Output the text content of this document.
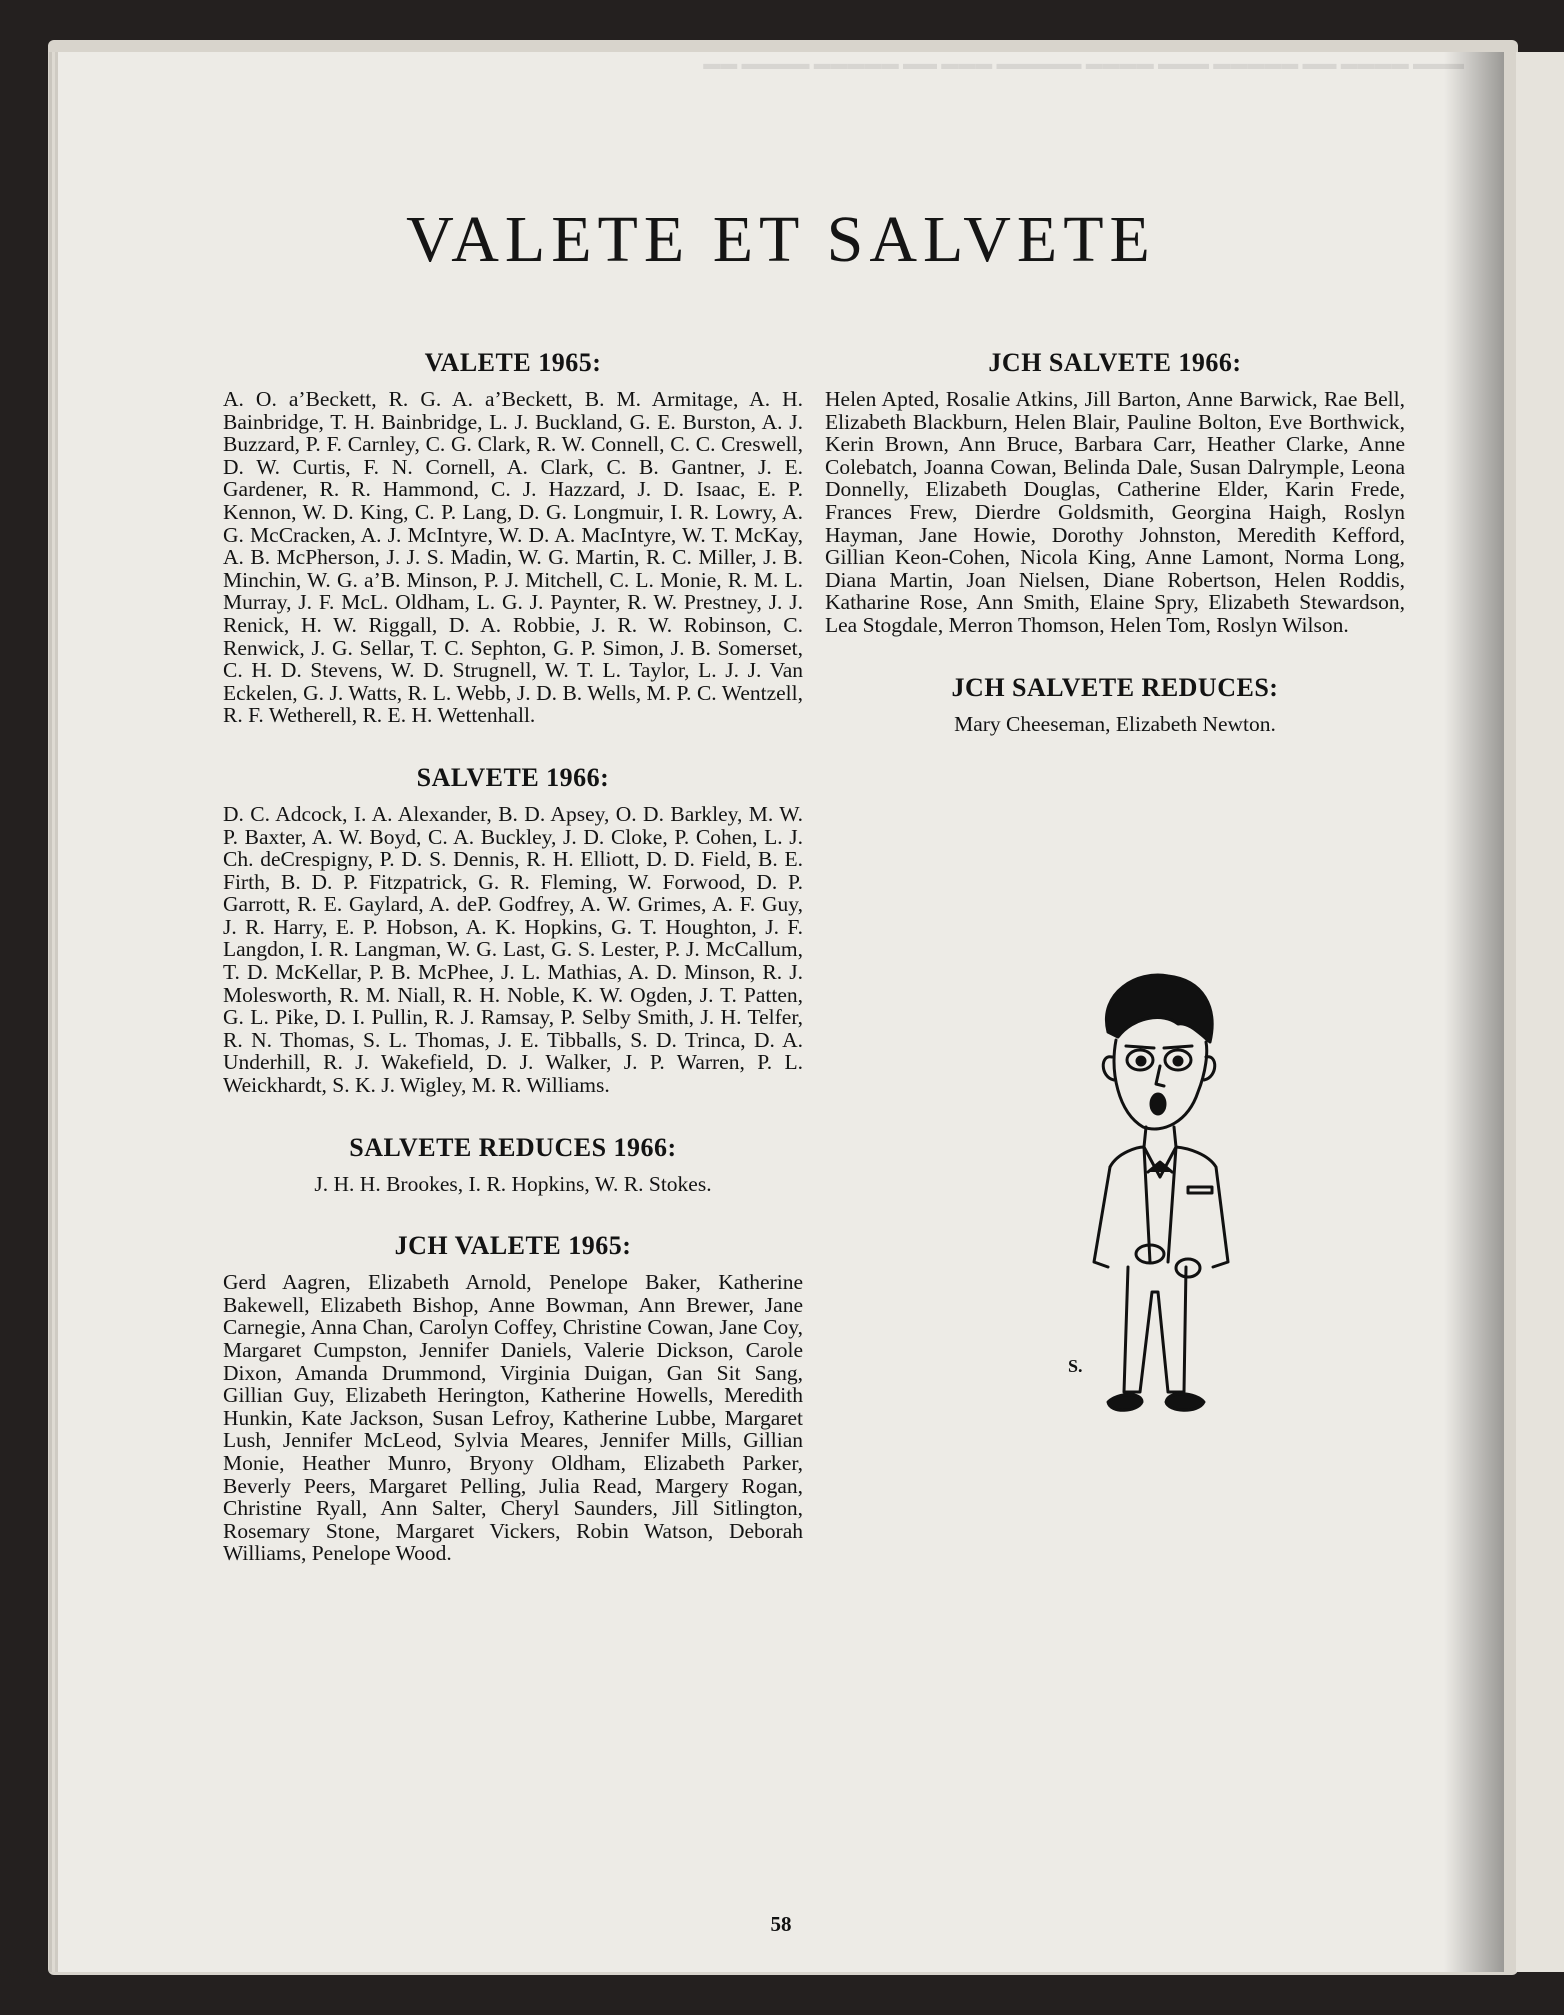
▬▬▬ ▬▬▬▬ ▬▬ ▬▬▬▬▬ ▬▬▬ ▬▬▬▬ ▬▬▬▬▬ ▬▬▬ ▬▬ ▬▬▬▬▬ ▬▬▬▬ ▬▬

VALETE ET SALVETE
VALETE 1965:

A. O. a’Beckett, R. G. A. a’Beckett, B. M. Armitage, A. H. Bainbridge, T. H. Bainbridge, L. J. Buckland, G. E. Burston, A. J. Buzzard, P. F. Carnley, C. G. Clark, R. W. Connell, C. C. Creswell, D. W. Curtis, F. N. Cornell, A. Clark, C. B. Gantner, J. E. Gardener, R. R. Hammond, C. J. Hazzard, J. D. Isaac, E. P. Kennon, W. D. King, C. P. Lang, D. G. Longmuir, I. R. Lowry, A. G. McCracken, A. J. McIntyre, W. D. A. MacIntyre, W. T. McKay, A. B. McPherson, J. J. S. Madin, W. G. Martin, R. C. Miller, J. B. Minchin, W. G. a’B. Minson, P. J. Mitchell, C. L. Monie, R. M. L. Murray, J. F. McL. Oldham, L. G. J. Paynter, R. W. Prestney, J. J. Renick, H. W. Riggall, D. A. Robbie, J. R. W. Robinson, C. Renwick, J. G. Sellar, T. C. Sephton, G. P. Simon, J. B. Somerset, C. H. D. Stevens, W. D. Strugnell, W. T. L. Taylor, L. J. J. Van Eckelen, G. J. Watts, R. L. Webb, J. D. B. Wells, M. P. C. Wentzell, R. F. Wetherell, R. E. H. Wettenhall.

SALVETE 1966:

D. C. Adcock, I. A. Alexander, B. D. Apsey, O. D. Barkley, M. W. P. Baxter, A. W. Boyd, C. A. Buckley, J. D. Cloke, P. Cohen, L. J. Ch. deCrespigny, P. D. S. Dennis, R. H. Elliott, D. D. Field, B. E. Firth, B. D. P. Fitzpatrick, G. R. Fleming, W. Forwood, D. P. Garrott, R. E. Gaylard, A. deP. Godfrey, A. W. Grimes, A. F. Guy, J. R. Harry, E. P. Hobson, A. K. Hopkins, G. T. Houghton, J. F. Langdon, I. R. Langman, W. G. Last, G. S. Lester, P. J. McCallum, T. D. McKellar, P. B. McPhee, J. L. Mathias, A. D. Minson, R. J. Molesworth, R. M. Niall, R. H. Noble, K. W. Ogden, J. T. Patten, G. L. Pike, D. I. Pullin, R. J. Ramsay, P. Selby Smith, J. H. Telfer, R. N. Thomas, S. L. Thomas, J. E. Tibballs, S. D. Trinca, D. A. Underhill, R. J. Wakefield, D. J. Walker, J. P. Warren, P. L. Weickhardt, S. K. J. Wigley, M. R. Williams.

SALVETE REDUCES 1966:

J. H. H. Brookes, I. R. Hopkins, W. R. Stokes.

JCH VALETE 1965:

Gerd Aagren, Elizabeth Arnold, Penelope Baker, Katherine Bakewell, Elizabeth Bishop, Anne Bowman, Ann Brewer, Jane Carnegie, Anna Chan, Carolyn Coffey, Christine Cowan, Jane Coy, Margaret Cumpston, Jennifer Daniels, Valerie Dickson, Carole Dixon, Amanda Drummond, Virginia Duigan, Gan Sit Sang, Gillian Guy, Elizabeth Herington, Katherine Howells, Meredith Hunkin, Kate Jackson, Susan Lefroy, Katherine Lubbe, Margaret Lush, Jennifer McLeod, Sylvia Meares, Jennifer Mills, Gillian Monie, Heather Munro, Bryony Oldham, Elizabeth Parker, Beverly Peers, Margaret Pelling, Julia Read, Margery Rogan, Christine Ryall, Ann Salter, Cheryl Saunders, Jill Sitlington, Rosemary Stone, Margaret Vickers, Robin Watson, Deborah Williams, Penelope Wood.

JCH SALVETE 1966:

Helen Apted, Rosalie Atkins, Jill Barton, Anne Barwick, Rae Bell, Elizabeth Blackburn, Helen Blair, Pauline Bolton, Eve Borthwick, Kerin Brown, Ann Bruce, Barbara Carr, Heather Clarke, Anne Colebatch, Joanna Cowan, Belinda Dale, Susan Dalrymple, Leona Donnelly, Elizabeth Douglas, Catherine Elder, Karin Frede, Frances Frew, Dierdre Goldsmith, Georgina Haigh, Roslyn Hayman, Jane Howie, Dorothy Johnston, Meredith Kefford, Gillian Keon-Cohen, Nicola King, Anne Lamont, Norma Long, Diana Martin, Joan Nielsen, Diane Robertson, Helen Roddis, Katharine Rose, Ann Smith, Elaine Spry, Elizabeth Stewardson, Lea Stogdale, Merron Thomson, Helen Tom, Roslyn Wilson.

JCH SALVETE REDUCES:

Mary Cheeseman, Elizabeth Newton.

S.
58
